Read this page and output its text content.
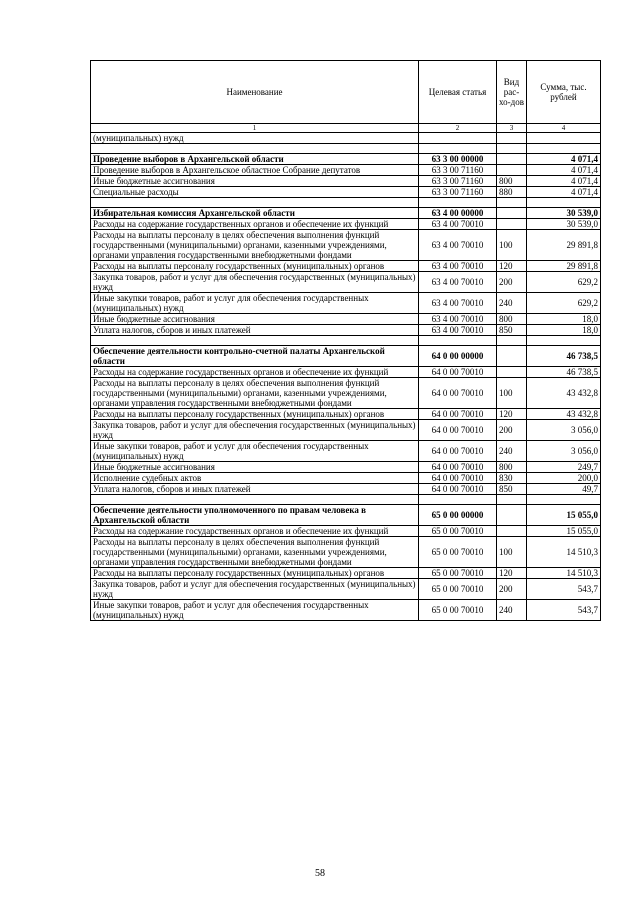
Наименование	Целевая статья	Вид рас-хо-дов	Сумма, тыс. рублей
1	2	3	4
(муниципальных) нужд			

Проведение выборов в Архангельской области	63 3 00 00000		4 071,4
Проведение выборов в Архангельское областное Собрание депутатов	63 3 00 71160		4 071,4
Иные бюджетные ассигнования	63 3 00 71160	800	4 071,4
Специальные расходы	63 3 00 71160	880	4 071,4

Избирательная комиссия Архангельской области	63 4 00 00000		30 539,0
Расходы на содержание государственных органов и обеспечение их функций	63 4 00 70010		30 539,0
Расходы на выплаты персоналу в целях обеспечения выполнения функций государственными (муниципальными) органами, казенными учреждениями, органами управления государственными внебюджетными фондами	63 4 00 70010	100	29 891,8
Расходы на выплаты персоналу государственных (муниципальных) органов	63 4 00 70010	120	29 891,8
Закупка товаров, работ и услуг для обеспечения государственных (муниципальных) нужд	63 4 00 70010	200	629,2
Иные закупки товаров, работ и услуг для обеспечения государственных (муниципальных) нужд	63 4 00 70010	240	629,2
Иные бюджетные ассигнования	63 4 00 70010	800	18,0
Уплата налогов, сборов и иных платежей	63 4 00 70010	850	18,0

Обеспечение деятельности контрольно-счетной палаты Архангельской области	64 0 00 00000		46 738,5
Расходы на содержание государственных органов и обеспечение их функций	64 0 00 70010		46 738,5
Расходы на выплаты персоналу в целях обеспечения выполнения функций государственными (муниципальными) органами, казенными учреждениями, органами управления государственными внебюджетными фондами	64 0 00 70010	100	43 432,8
Расходы на выплаты персоналу государственных (муниципальных) органов	64 0 00 70010	120	43 432,8
Закупка товаров, работ и услуг для обеспечения государственных (муниципальных) нужд	64 0 00 70010	200	3 056,0
Иные закупки товаров, работ и услуг для обеспечения государственных (муниципальных) нужд	64 0 00 70010	240	3 056,0
Иные бюджетные ассигнования	64 0 00 70010	800	249,7
Исполнение судебных актов	64 0 00 70010	830	200,0
Уплата налогов, сборов и иных платежей	64 0 00 70010	850	49,7

Обеспечение деятельности уполномоченного по правам человека в Архангельской области	65 0 00 00000		15 055,0
Расходы на содержание государственных органов и обеспечение их функций	65 0 00 70010		15 055,0
Расходы на выплаты персоналу в целях обеспечения выполнения функций государственными (муниципальными) органами, казенными учреждениями, органами управления государственными внебюджетными фондами	65 0 00 70010	100	14 510,3
Расходы на выплаты персоналу государственных (муниципальных) органов	65 0 00 70010	120	14 510,3
Закупка товаров, работ и услуг для обеспечения государственных (муниципальных) нужд	65 0 00 70010	200	543,7
Иные закупки товаров, работ и услуг для обеспечения государственных (муниципальных) нужд	65 0 00 70010	240	543,7
58
